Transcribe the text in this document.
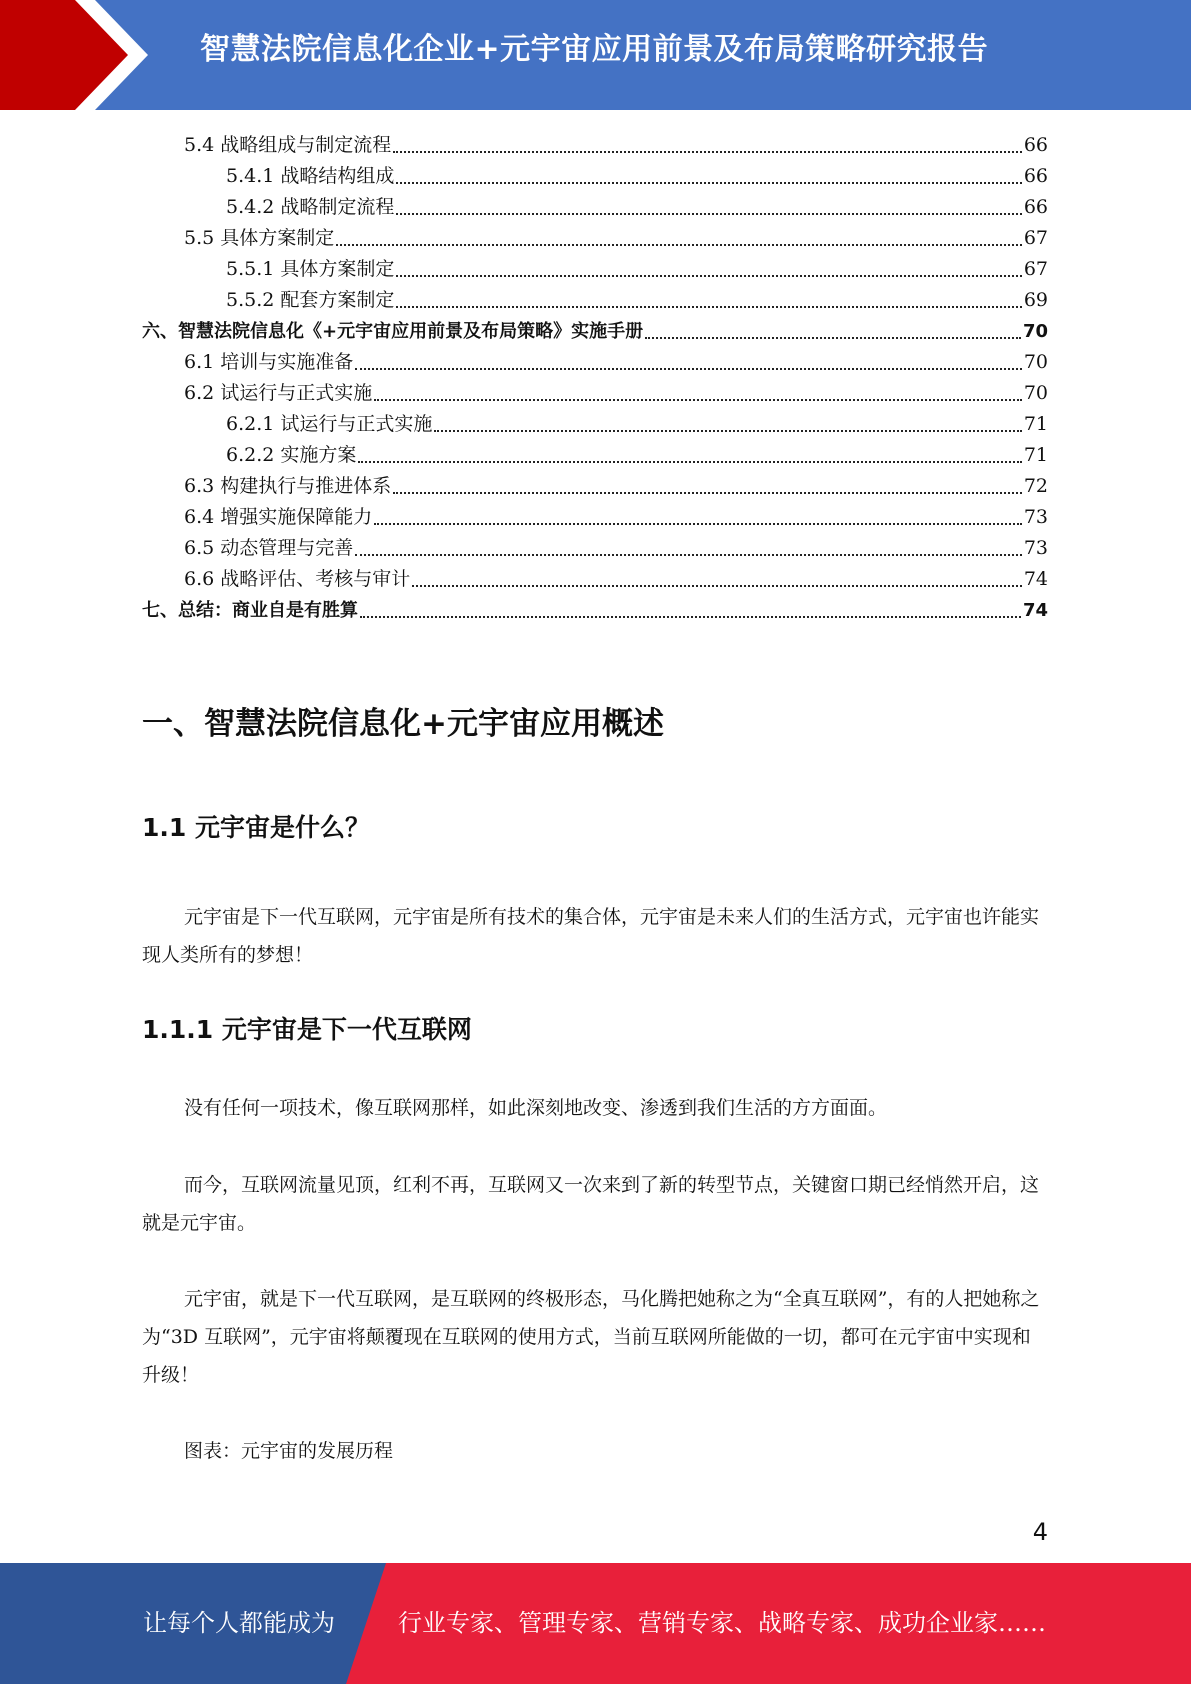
智慧法院信息化企业+元宇宙应用前景及布局策略研究报告
5.4 战略组成与制定流程	66
5.4.1 战略结构组成	66
5.4.2 战略制定流程	66
5.5 具体方案制定	67
5.5.1 具体方案制定	67
5.5.2 配套方案制定	69
六、智慧法院信息化《+元宇宙应用前景及布局策略》实施手册	70
6.1 培训与实施准备	70
6.2 试运行与正式实施	70
6.2.1 试运行与正式实施	71
6.2.2 实施方案	71
6.3 构建执行与推进体系	72
6.4 增强实施保障能力	73
6.5 动态管理与完善	73
6.6 战略评估、考核与审计	74
七、总结：商业自是有胜算	74
一、智慧法院信息化+元宇宙应用概述
1.1 元宇宙是什么？
元宇宙是下一代互联网，元宇宙是所有技术的集合体，元宇宙是未来人们的生活方式，元宇宙也许能实现人类所有的梦想！
1.1.1 元宇宙是下一代互联网
没有任何一项技术，像互联网那样，如此深刻地改变、渗透到我们生活的方方面面。
而今，互联网流量见顶，红利不再，互联网又一次来到了新的转型节点，关键窗口期已经悄然开启，这就是元宇宙。
元宇宙，就是下一代互联网，是互联网的终极形态，马化腾把她称之为“全真互联网”，有的人把她称之为“3D 互联网”，元宇宙将颠覆现在互联网的使用方式，当前互联网所能做的一切，都可在元宇宙中实现和升级！
图表：元宇宙的发展历程
4
让每个人都能成为	行业专家、管理专家、营销专家、战略专家、成功企业家……
